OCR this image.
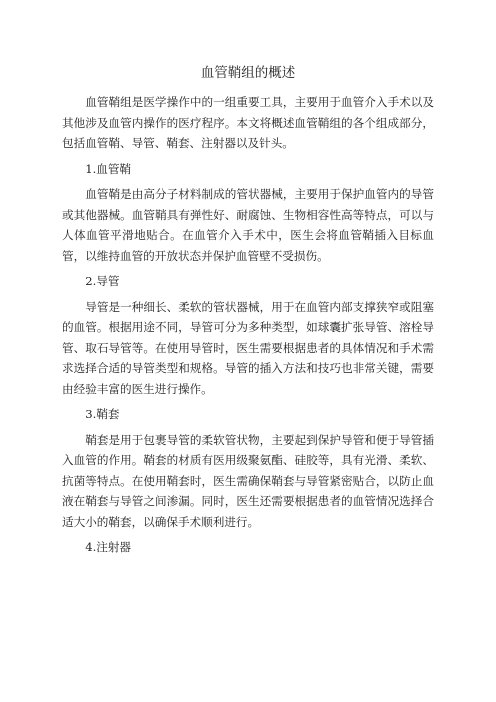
血管鞘组的概述

血管鞘组是医学操作中的一组重要工具，主要用于血管介入手术以及其他涉及血管内操作的医疗程序。本文将概述血管鞘组的各个组成部分，包括血管鞘、导管、鞘套、注射器以及针头。

1.血管鞘

血管鞘是由高分子材料制成的管状器械，主要用于保护血管内的导管或其他器械。血管鞘具有弹性好、耐腐蚀、生物相容性高等特点，可以与人体血管平滑地贴合。在血管介入手术中，医生会将血管鞘插入目标血管，以维持血管的开放状态并保护血管壁不受损伤。

2.导管

导管是一种细长、柔软的管状器械，用于在血管内部支撑狭窄或阻塞的血管。根据用途不同，导管可分为多种类型，如球囊扩张导管、溶栓导管、取石导管等。在使用导管时，医生需要根据患者的具体情况和手术需求选择合适的导管类型和规格。导管的插入方法和技巧也非常关键，需要由经验丰富的医生进行操作。

3.鞘套

鞘套是用于包裹导管的柔软管状物，主要起到保护导管和便于导管插入血管的作用。鞘套的材质有医用级聚氨酯、硅胶等，具有光滑、柔软、抗菌等特点。在使用鞘套时，医生需确保鞘套与导管紧密贴合，以防止血液在鞘套与导管之间渗漏。同时，医生还需要根据患者的血管情况选择合适大小的鞘套，以确保手术顺利进行。

4.注射器
